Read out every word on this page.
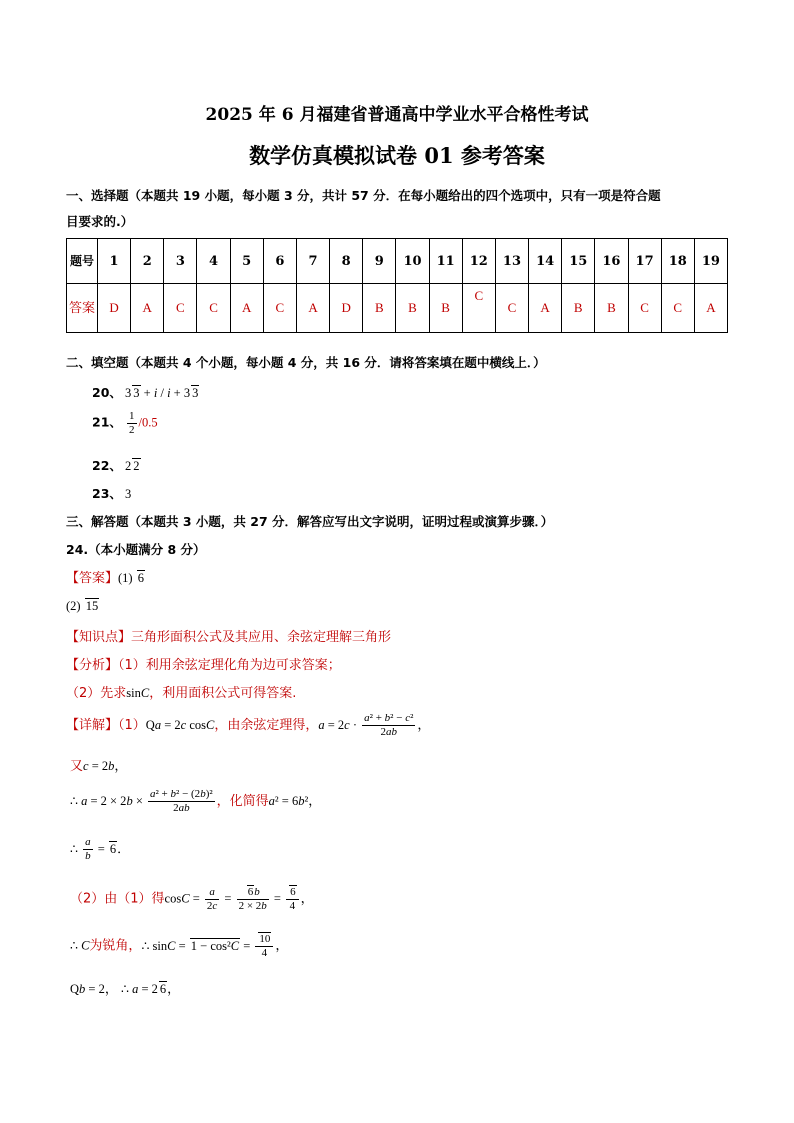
2025 年 6 月福建省普通高中学业水平合格性考试
数学仿真模拟试卷 01 参考答案
一、选择题（本题共 19 小题，每小题 3 分，共计 57 分．在每小题给出的四个选项中，只有一项是符合题
目要求的.）
题号	1	2	3	4	5	6	7	8	9	10	11	12	13	14	15	16	17	18	19
答案	D	A	C	C	A	C	A	D	B	B	B	C	C	A	B	B	C	C	A
二、填空题（本题共 4 个小题，每小题 4 分，共 16 分．请将答案填在题中横线上．）
20、 3 3 + i / i + 3 3
21、 $\frac{1}{2} /0.5$
22、 2 2
23、 3
三、解答题（本题共 3 小题，共 27 分．解答应写出文字说明，证明过程或演算步骤．）
24.（本小题满分 8 分）
【答案】(1) 6
(2) 15
【知识点】三角形面积公式及其应用、余弦定理解三角形
【分析】（1）利用余弦定理化角为边可求答案；
（2）先求sinC，利用面积公式可得答案.
【详解】（1）Qa = 2c cosC，由余弦定理得，$a = 2c \cdot \frac{\text{a² + b² − c²}}{2ab}$ ，
又c = 2b，
∴ $a = 2 \times 2b \times \frac{\text{a² + b² − (2b)²}}{2ab}$ ，化简得a² = 6b²，
∴ $\frac{a}{b} = 6$．
（2）由（1）得$\cos C = \frac{a}{2c} = \frac{6b}{2 \times 2b} = \frac{6}{4}$ ，
∴ C为锐角，∴ $\sin C = 1 - \cos^2C = \frac{10}{4}$ ，
Qb = 2， ∴ a = 2 6，
